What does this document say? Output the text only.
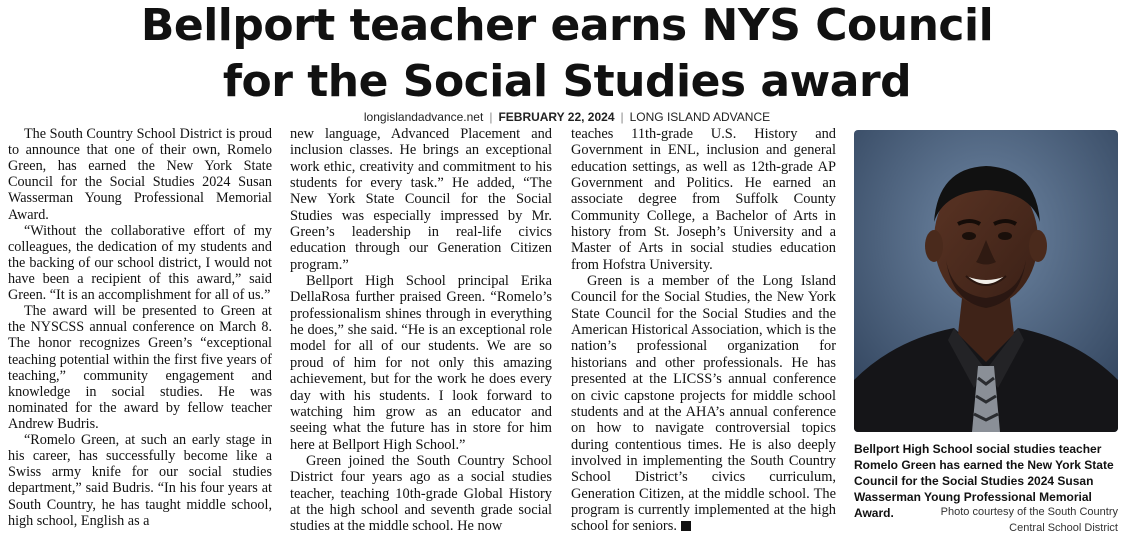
Bellport teacher earns NYS Council
for the Social Studies award
longislandadvance.net | FEBRUARY 22, 2024 | LONG ISLAND ADVANCE

The South Country School District is proud to announce that one of their own, Romelo Green, has earned the New York State Council for the Social Studies 2024 Susan Wasserman Young Professional Memorial Award.

“Without the collaborative effort of my colleagues, the dedication of my students and the backing of our school district, I would not have been a recipient of this award,” said Green. “It is an accomplishment for all of us.”

The award will be presented to Green at the NYSCSS annual conference on March 8. The honor recognizes Green’s “exceptional teaching potential within the first five years of teaching,” community engagement and knowledge in social studies. He was nominated for the award by fellow teacher Andrew Budris.

“Romelo Green, at such an early stage in his career, has successfully become like a Swiss army knife for our social studies department,” said Budris. “In his four years at South Country, he has taught middle school, high school, English as a

new language, Advanced Placement and inclusion classes. He brings an exceptional work ethic, creativity and commitment to his students for every task.” He added, “The New York State Council for the Social Studies was especially impressed by Mr. Green’s leadership in real-life civics education through our Generation Citizen program.”

Bellport High School principal Erika DellaRosa further praised Green. “Romelo’s professionalism shines through in everything he does,” she said. “He is an exceptional role model for all of our students. We are so proud of him for not only this amazing achievement, but for the work he does every day with his students. I look forward to watching him grow as an educator and seeing what the future has in store for him here at Bellport High School.”

Green joined the South Country School District four years ago as a social studies teacher, teaching 10th-grade Global History at the high school and seventh grade social studies at the middle school. He now

teaches 11th-grade U.S. History and Government in ENL, inclusion and general education settings, as well as 12th-grade AP Government and Politics. He earned an associate degree from Suffolk County Community College, a Bachelor of Arts in history from St. Joseph’s University and a Master of Arts in social studies education from Hofstra University.

Green is a member of the Long Island Council for the Social Studies, the New York State Council for the Social Studies and the American Historical Association, which is the nation’s professional organization for historians and other professionals. He has presented at the LICSS’s annual conference on civic capstone projects for middle school students and at the AHA’s annual conference on how to navigate controversial topics during contentious times. He is also deeply involved in implementing the South Country School District’s civics curriculum, Generation Citizen, at the middle school. The program is currently implemented at the high school for seniors.

Bellport High School social studies teacher Romelo Green has earned the New York State Council for the Social Studies 2024 Susan Wasserman Young Professional Memorial Award.	Photo courtesy of the South Country
Central School District
